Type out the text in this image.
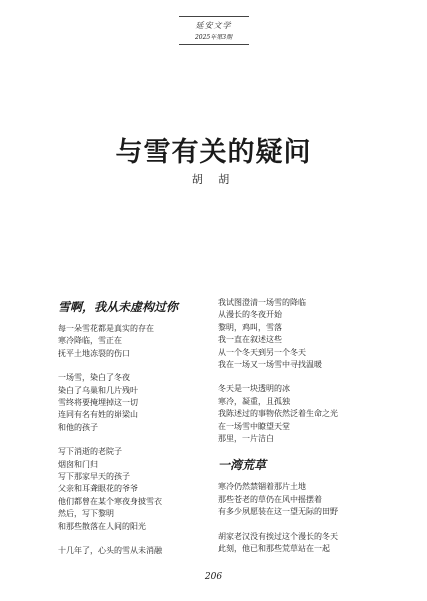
延安文学
2025年第3期
与雪有关的疑问
胡 胡
雪啊，我从未虚构过你
每一朵雪花都是真实的存在
寒冷降临，雪正在
抚平土地冻裂的伤口
一场雪，染白了冬夜
染白了乌巢和几片残叶
雪终将要掩埋掉这一切
连同有名有姓的峁梁山
和他的孩子
写下消逝的老院子
烟囱和门归
写下那家早天的孩子
父亲和耳聋眼花的爷爷
他们都曾在某个寒夜身披雪衣
然后，写下黎明
和那些散落在人间的阳光
十几年了，心头的雪从未消融
我试图澄清一场雪的降临
从漫长的冬夜开始
黎明，鸡叫，雪落
我一直在叙述这些
从一个冬天到另一个冬天
我在一场又一场雪中寻找温暖
冬天是一块透明的冰
寒冷，凝重，且孤独
我陈述过的事物依然泛着生命之光
在一场雪中瞭望天堂
那里，一片洁白
一湾荒草
寒冷仍然禁锢着那片土地
那些苍老的草仍在风中摇摆着
有多少夙愿装在这一望无际的田野
胡家老汉没有挨过这个漫长的冬天
此刻，他已和那些荒草站在一起
206
